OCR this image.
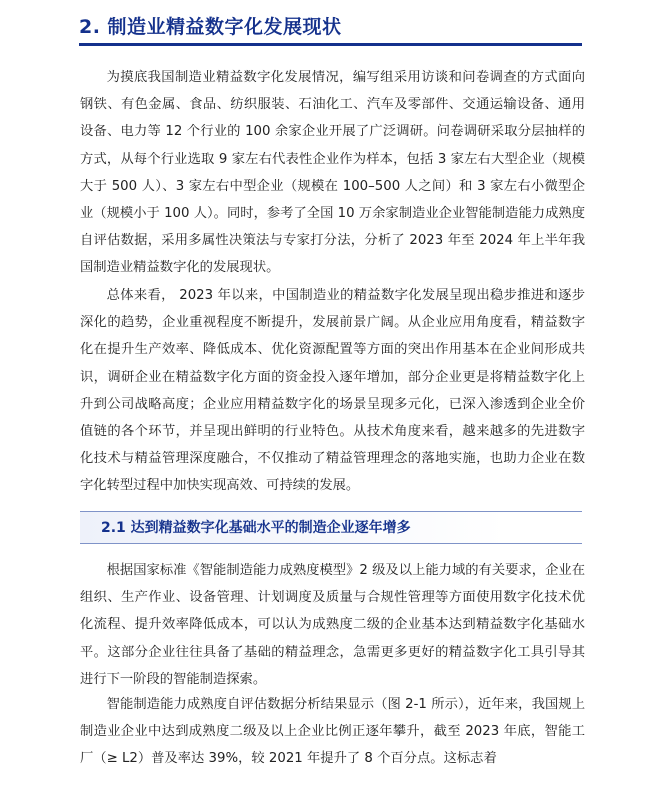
2. 制造业精益数字化发展现状

为摸底我国制造业精益数字化发展情况，编写组采用访谈和问卷调查的方式面向钢铁、有色金属、食品、纺织服装、石油化工、汽车及零部件、交通运输设备、通用设备、电力等 12 个行业的 100 余家企业开展了广泛调研。问卷调研采取分层抽样的方式，从每个行业选取 9 家左右代表性企业作为样本，包括 3 家左右大型企业（规模大于 500 人）、3 家左右中型企业（规模在 100–500 人之间）和 3 家左右小微型企业（规模小于 100 人）。同时，参考了全国 10 万余家制造业企业智能制造能力成熟度自评估数据，采用多属性决策法与专家打分法，分析了 2023 年至 2024 年上半年我国制造业精益数字化的发展现状。

总体来看， 2023 年以来，中国制造业的精益数字化发展呈现出稳步推进和逐步深化的趋势，企业重视程度不断提升，发展前景广阔。从企业应用角度看，精益数字化在提升生产效率、降低成本、优化资源配置等方面的突出作用基本在企业间形成共识，调研企业在精益数字化方面的资金投入逐年增加，部分企业更是将精益数字化上升到公司战略高度；企业应用精益数字化的场景呈现多元化，已深入渗透到企业全价值链的各个环节，并呈现出鲜明的行业特色。从技术角度来看，越来越多的先进数字化技术与精益管理深度融合，不仅推动了精益管理理念的落地实施，也助力企业在数字化转型过程中加快实现高效、可持续的发展。

2.1 达到精益数字化基础水平的制造企业逐年增多

根据国家标准《智能制造能力成熟度模型》2 级及以上能力域的有关要求，企业在组织、生产作业、设备管理、计划调度及质量与合规性管理等方面使用数字化技术优化流程、提升效率降低成本，可以认为成熟度二级的企业基本达到精益数字化基础水平。这部分企业往往具备了基础的精益理念，急需更多更好的精益数字化工具引导其进行下一阶段的智能制造探索。

智能制造能力成熟度自评估数据分析结果显示（图 2-1 所示），近年来，我国规上制造业企业中达到成熟度二级及以上企业比例正逐年攀升，截至 2023 年底，智能工厂（≥ L2）普及率达 39%，较 2021 年提升了 8 个百分点。这标志着
